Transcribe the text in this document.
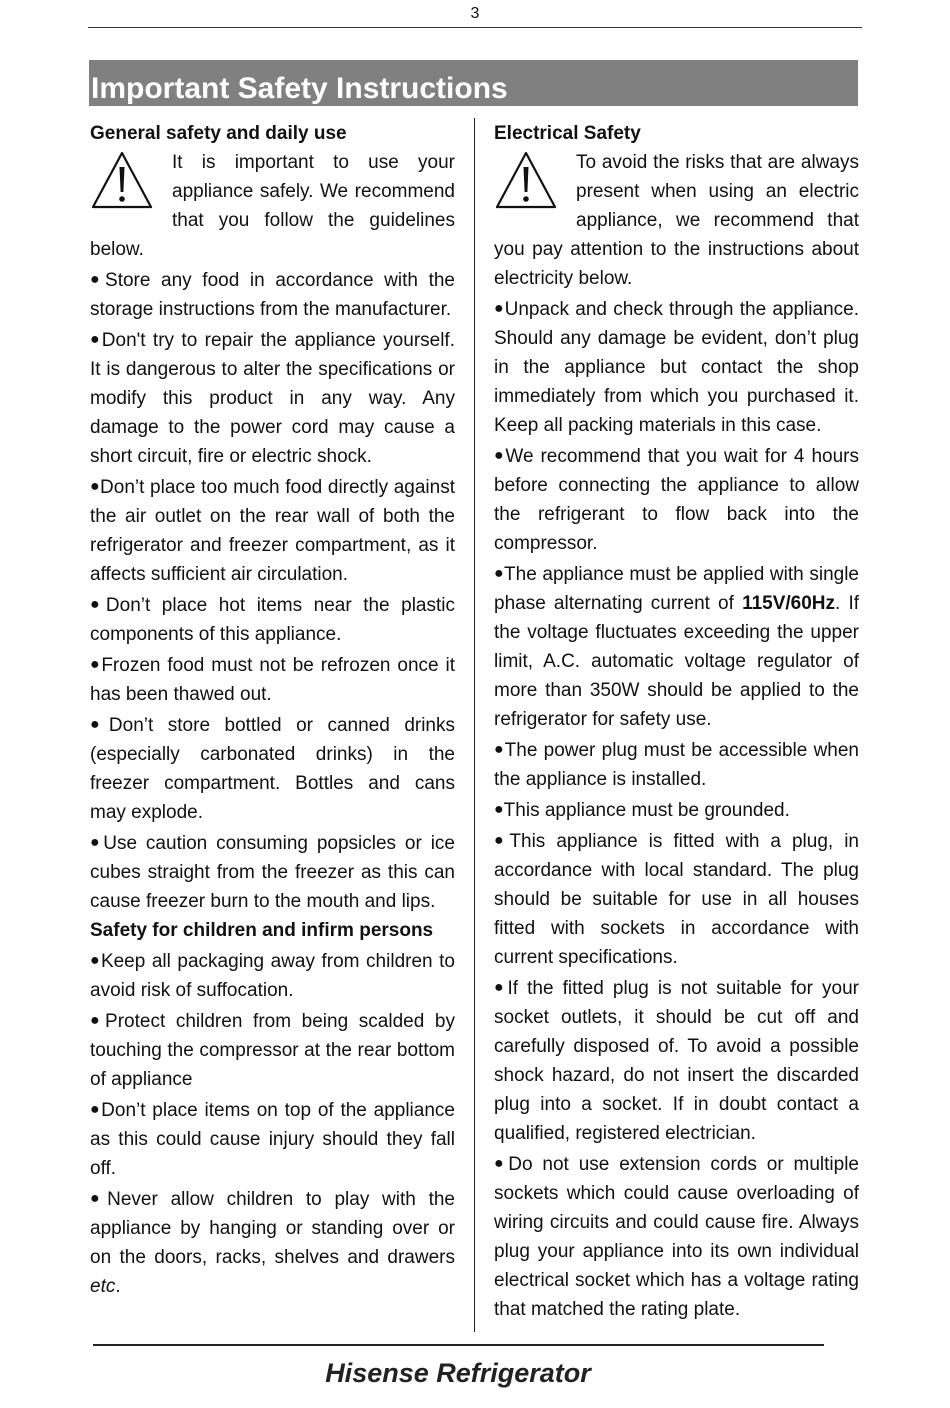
3
Important Safety Instructions

General safety and daily use

It is important to use your appliance safely. We recommend that you follow the guidelines below.

●Store any food in accordance with the storage instructions from the manufacturer.

●Don't try to repair the appliance yourself. It is dangerous to alter the specifications or modify this product in any way. Any damage to the power cord may cause a short circuit, fire or electric shock.

●Don’t place too much food directly against the air outlet on the rear wall of both the refrigerator and freezer compartment, as it affects sufficient air circulation.

●Don’t place hot items near the plastic components of this appliance.

●Frozen food must not be refrozen once it has been thawed out.

●Don’t store bottled or canned drinks (especially carbonated drinks) in the freezer compartment. Bottles and cans may explode.

●Use caution consuming popsicles or ice cubes straight from the freezer as this can cause freezer burn to the mouth and lips.

Safety for children and infirm persons

●Keep all packaging away from children to avoid risk of suffocation.

●Protect children from being scalded by touching the compressor at the rear bottom of appliance

●Don’t place items on top of the appliance as this could cause injury should they fall off.

●Never allow children to play with the appliance by hanging or standing over or on the doors, racks, shelves and drawers etc.

Electrical Safety

To avoid the risks that are always present when using an electric appliance, we recommend that you pay attention to the instructions about electricity below.

●Unpack and check through the appliance. Should any damage be evident, don’t plug in the appliance but contact the shop immediately from which you purchased it. Keep all packing materials in this case.

●We recommend that you wait for 4 hours before connecting the appliance to allow the refrigerant to flow back into the compressor.

●The appliance must be applied with single phase alternating current of 115V/60Hz. If the voltage fluctuates exceeding the upper limit, A.C. automatic voltage regulator of more than 350W should be applied to the refrigerator for safety use.

●The power plug must be accessible when the appliance is installed.

●This appliance must be grounded.

●This appliance is fitted with a plug, in accordance with local standard. The plug should be suitable for use in all houses fitted with sockets in accordance with current specifications.

●If the fitted plug is not suitable for your socket outlets, it should be cut off and carefully disposed of. To avoid a possible shock hazard, do not insert the discarded plug into a socket. If in doubt contact a qualified, registered electrician.

●Do not use extension cords or multiple sockets which could cause overloading of wiring circuits and could cause fire. Always plug your appliance into its own individual electrical socket which has a voltage rating that matched the rating plate.

Hisense Refrigerator
